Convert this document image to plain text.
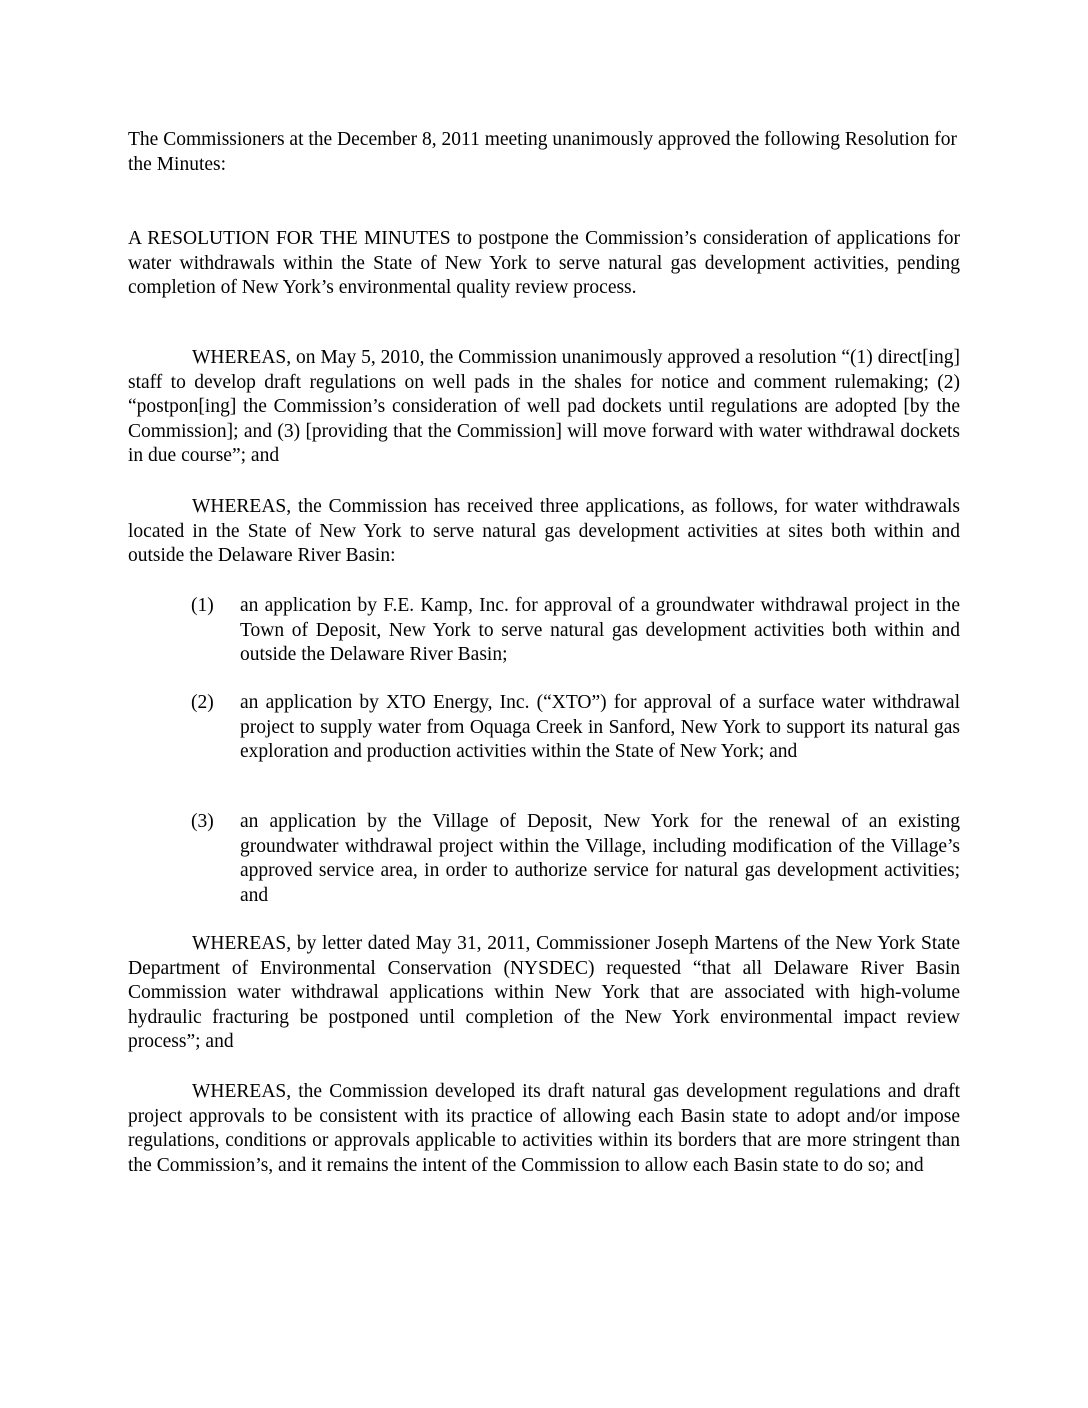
The Commissioners at the December 8, 2011 meeting unanimously approved the following Resolution for the Minutes:

A RESOLUTION FOR THE MINUTES to postpone the Commission’s consideration of applications for water withdrawals within the State of New York to serve natural gas development activities, pending completion of New York’s environmental quality review process.

WHEREAS, on May 5, 2010, the Commission unanimously approved a resolution “(1) direct[ing] staff to develop draft regulations on well pads in the shales for notice and comment rulemaking; (2) “postpon[ing] the Commission’s consideration of well pad dockets until regulations are adopted [by the Commission]; and (3) [providing that the Commission] will move forward with water withdrawal dockets in due course”; and

WHEREAS, the Commission has received three applications, as follows, for water withdrawals located in the State of New York to serve natural gas development activities at sites both within and outside the Delaware River Basin:

(1)	an application by F.E. Kamp, Inc. for approval of a groundwater withdrawal project in the Town of Deposit, New York to serve natural gas development activities both within and outside the Delaware River Basin;
(2)	an application by XTO Energy, Inc. (“XTO”) for approval of a surface water withdrawal project to supply water from Oquaga Creek in Sanford, New York to support its natural gas exploration and production activities within the State of New York; and
(3)	an application by the Village of Deposit, New York for the renewal of an existing groundwater withdrawal project within the Village, including modification of the Village’s approved service area, in order to authorize service for natural gas development activities; and

WHEREAS, by letter dated May 31, 2011, Commissioner Joseph Martens of the New York State Department of Environmental Conservation (NYSDEC) requested “that all Delaware River Basin Commission water withdrawal applications within New York that are associated with high-volume hydraulic fracturing be postponed until completion of the New York environmental impact review process”; and

WHEREAS, the Commission developed its draft natural gas development regulations and draft project approvals to be consistent with its practice of allowing each Basin state to adopt and/or impose regulations, conditions or approvals applicable to activities within its borders that are more stringent than the Commission’s, and it remains the intent of the Commission to allow each Basin state to do so; and
